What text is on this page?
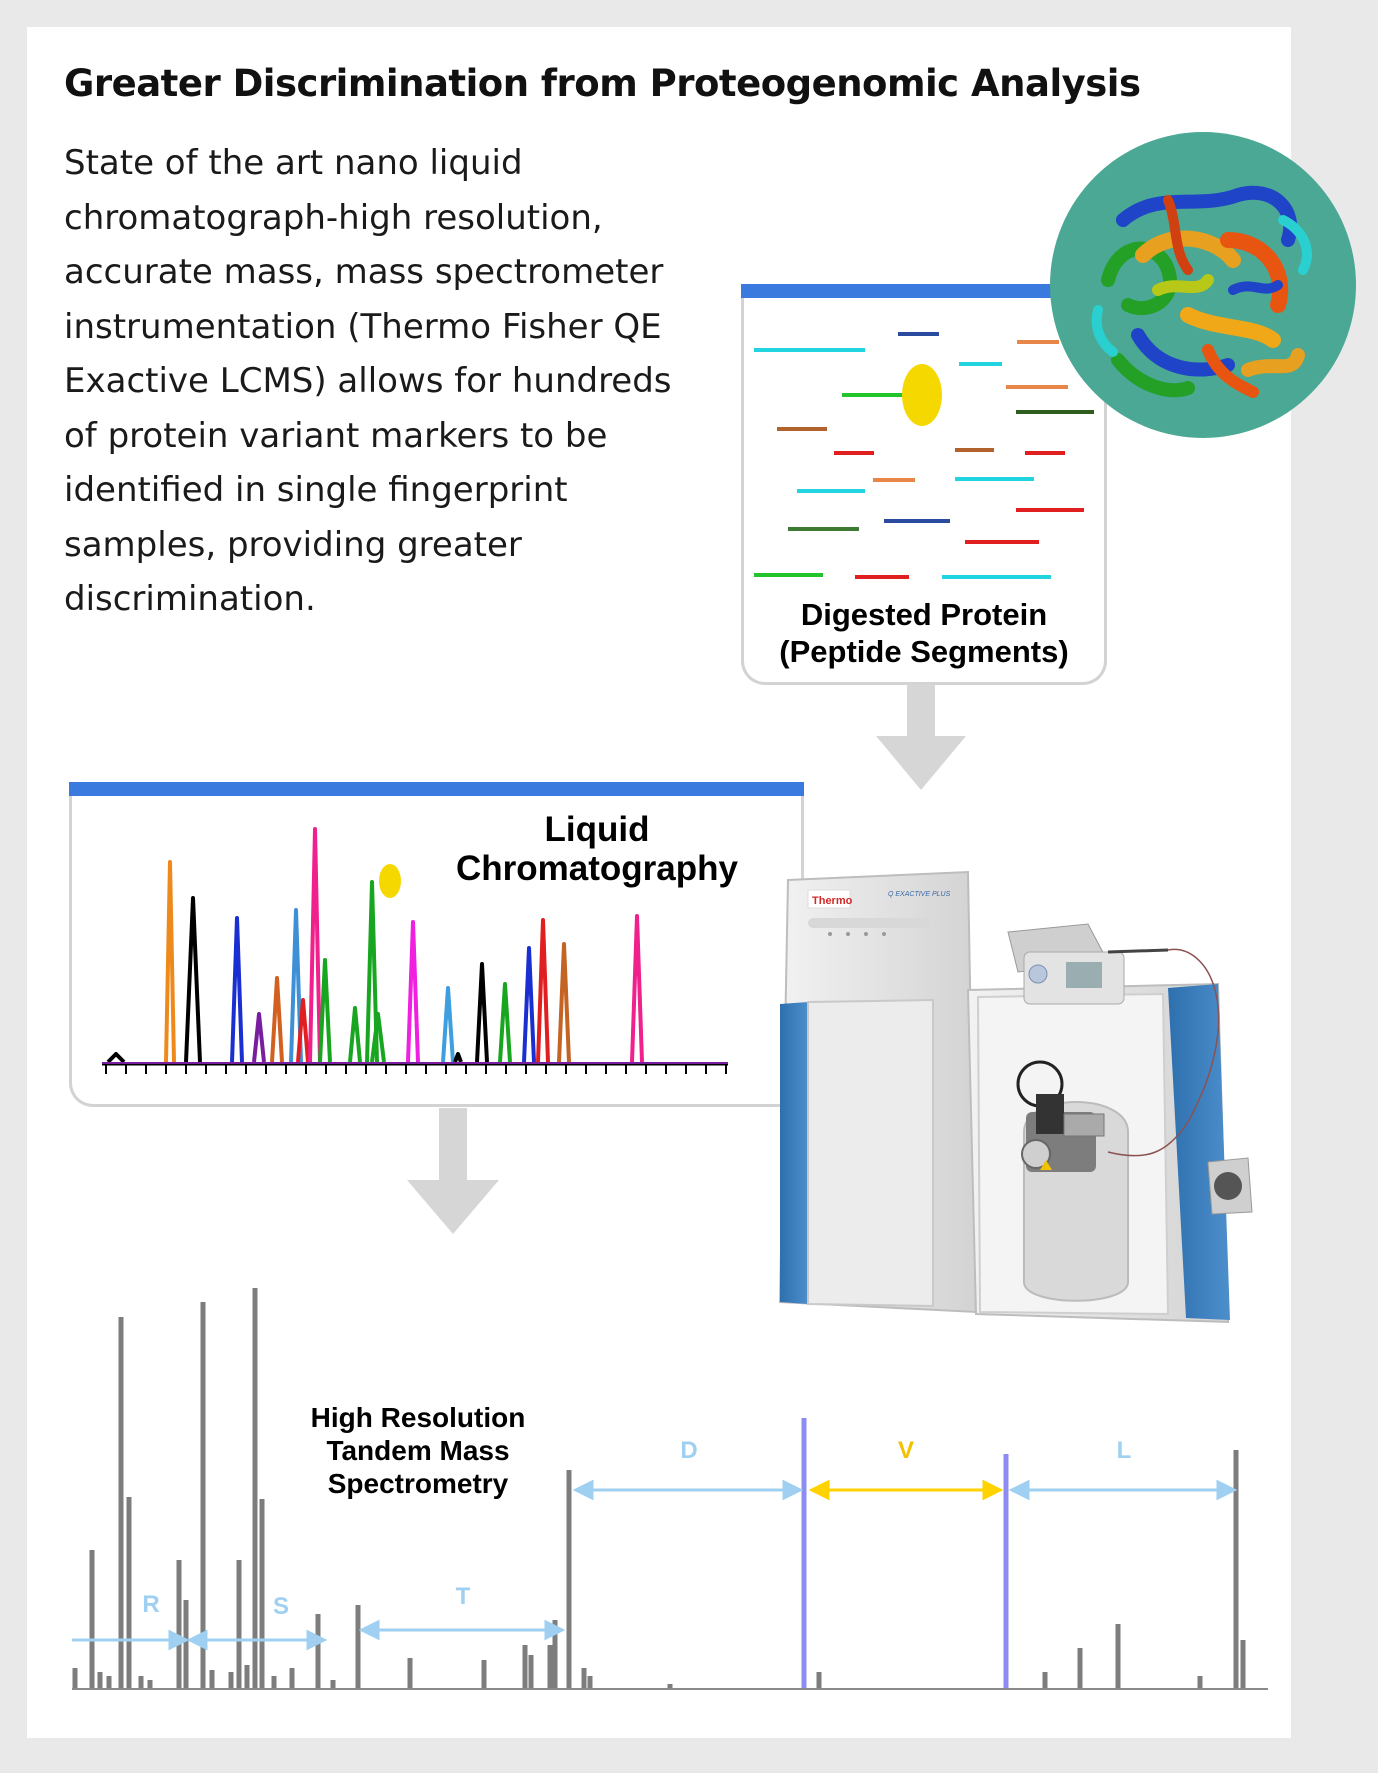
Greater Discrimination from Proteogenomic Analysis

State of the art nano liquid chromatograph-high resolution, accurate mass, mass spectrometer instrumentation (Thermo Fisher QE Exactive LCMS) allows for hundreds of protein variant markers to be identified in single fingerprint samples, providing greater discrimination.	Digested Protein
(Peptide Segments)

Liquid
Chromatography

Thermo
Q EXACTIVE PLUS
R	S	T
D	V	L

High Resolution
Tandem Mass
Spectrometry
